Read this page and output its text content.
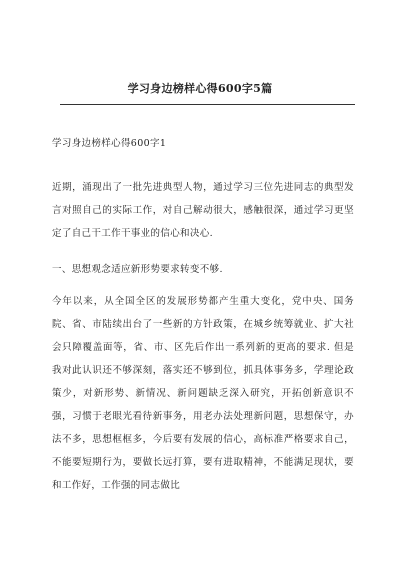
学习身边榜样心得600字5篇

学习身边榜样心得600字1

近期，涌现出了一批先进典型人物，通过学习三位先进同志的典型发言对照自己的实际工作，对自己解动很大，感触很深，通过学习更坚定了自己干工作干事业的信心和决心.

一、思想观念适应新形势要求转变不够.

今年以来，从全国全区的发展形势都产生重大变化，党中央、国务院、省、市陆续出台了一些新的方针政策，在城乡统筹就业、扩大社会只障覆盖面等，省、市、区先后作出一系列新的更高的要求. 但是我对此认识还不够深刻，落实还不够到位，抓具体事务多，学理论政策少，对新形势、新情况、新问题缺乏深入研究，开拓创新意识不强，习惯于老眼光看待新事务，用老办法处理新问题，思想保守，办法不多，思想框框多，今后要有发展的信心，高标准严格要求自己，不能要短期行为，要做长远打算，要有进取精神，不能满足现状，要和工作好，工作强的同志做比
